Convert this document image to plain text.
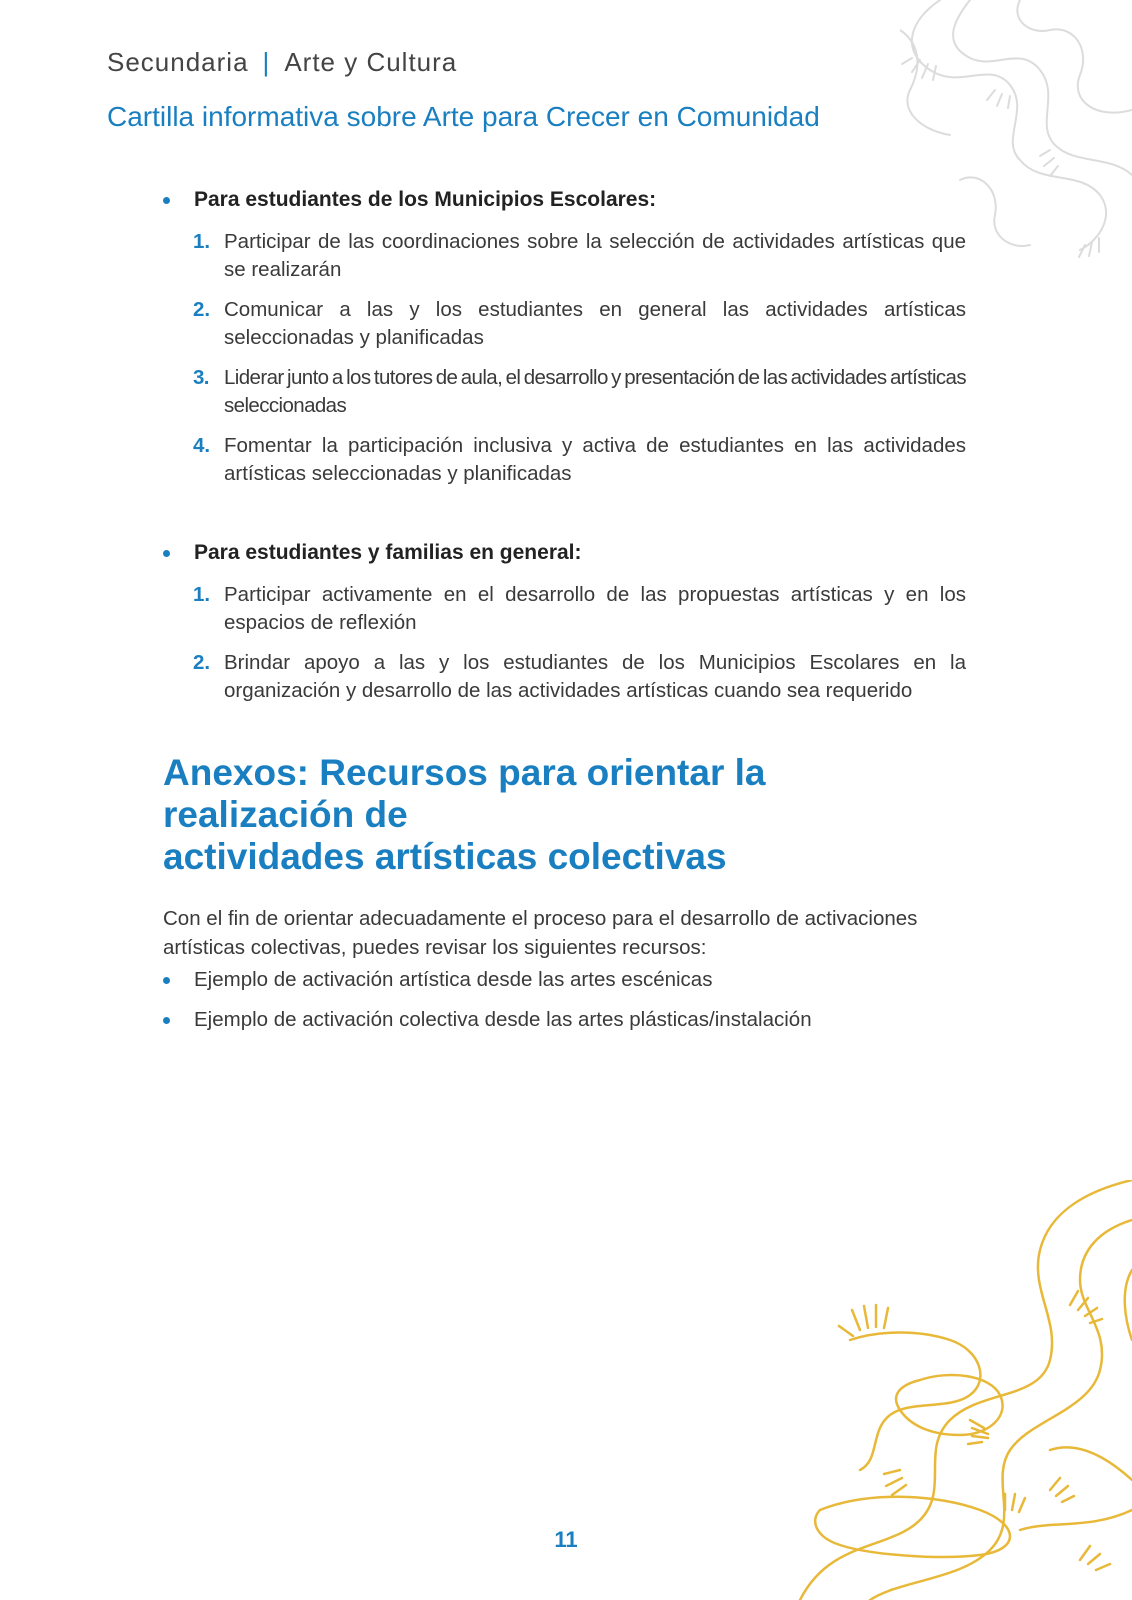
Secundaria | Arte y Cultura
Cartilla informativa sobre Arte para Crecer en Comunidad
Para estudiantes de los Municipios Escolares:
1. Participar de las coordinaciones sobre la selección de actividades artísticas que se realizarán
2. Comunicar a las y los estudiantes en general las actividades artísticas seleccionadas y planificadas
3. Liderar junto a los tutores de aula, el desarrollo y presentación de las actividades artísticas seleccionadas
4. Fomentar la participación inclusiva y activa de estudiantes en las actividades artísticas seleccionadas y planificadas
Para estudiantes y familias en general:
1. Participar activamente en el desarrollo de las propuestas artísticas y en los espacios de reflexión
2. Brindar apoyo a las y los estudiantes de los Municipios Escolares en la organización y desarrollo de las actividades artísticas cuando sea requerido
Anexos: Recursos para orientar la realización de
actividades artísticas colectivas
Con el fin de orientar adecuadamente el proceso para el desarrollo de activaciones artísticas colectivas, puedes revisar los siguientes recursos:
Ejemplo de activación artística desde las artes escénicas
Ejemplo de activación colectiva desde las artes plásticas/instalación
11
